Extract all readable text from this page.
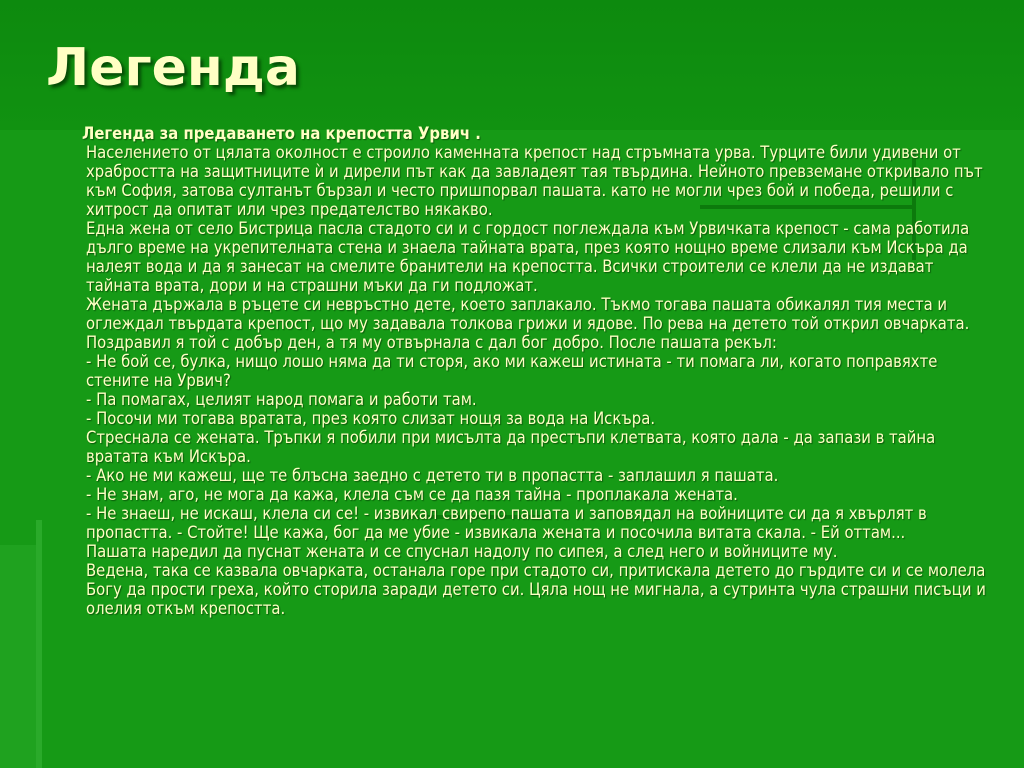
Легенда

Легенда за предаването на крепостта Урвич .

Населението от цялата околност е строило каменната крепост над стръмната урва. Турците били удивени от храбростта на защитниците ѝ и дирели път как да завладеят тая твърдина. Нейното превземане откривало път към София, затова султанът бързал и често пришпорвал пашата. като не могли чрез бой и победа, решили с хитрост да опитат или чрез предателство някакво.

Една жена от село Бистрица пасла стадото си и с гордост поглеждала към Урвичката крепост - сама работила дълго време на укрепителната стена и знаела тайната врата, през която нощно време слизали към Искъра да налеят вода и да я занесат на смелите бранители на крепостта. Всички строители се клели да не издават тайната врата, дори и на страшни мъки да ги подложат.

Жената държала в ръцете си невръстно дете, което заплакало. Тъкмо тогава пашата обикалял тия места и оглеждал твърдата крепост, що му задавала толкова грижи и ядове. По рева на детето той открил овчарката. Поздравил я той с добър ден, а тя му отвърнала с дал бог добро. После пашата рекъл:

- Не бой се, булка, нищо лошо няма да ти сторя, ако ми кажеш истината - ти помага ли, когато поправяхте стените на Урвич?

- Па помагах, целият народ помага и работи там.

- Посочи ми тогава вратата, през която слизат нощя за вода на Искъра.

Стреснала се жената. Тръпки я побили при мисълта да престъпи клетвата, която дала - да запази в тайна вратата към Искъра.

- Ако не ми кажеш, ще те блъсна заедно с детето ти в пропастта - заплашил я пашата.

- Не знам, аго, не мога да кажа, клела съм се да пазя тайна - проплакала жената.

- Не знаеш, не искаш, клела си се! - извикал свирепо пашата и заповядал на войниците си да я хвърлят в пропастта. - Стойте! Ще кажа, бог да ме убие - извикала жената и посочила витата скала. - Ей оттам...

Пашата наредил да пуснат жената и се спуснал надолу по сипея, а след него и войниците му.

Ведена, така се казвала овчарката, останала горе при стадото си, притискала детето до гърдите си и се молела Богу да прости греха, който сторила заради детето си. Цяла нощ не мигнала, а сутринта чула страшни писъци и олелия откъм крепостта.
